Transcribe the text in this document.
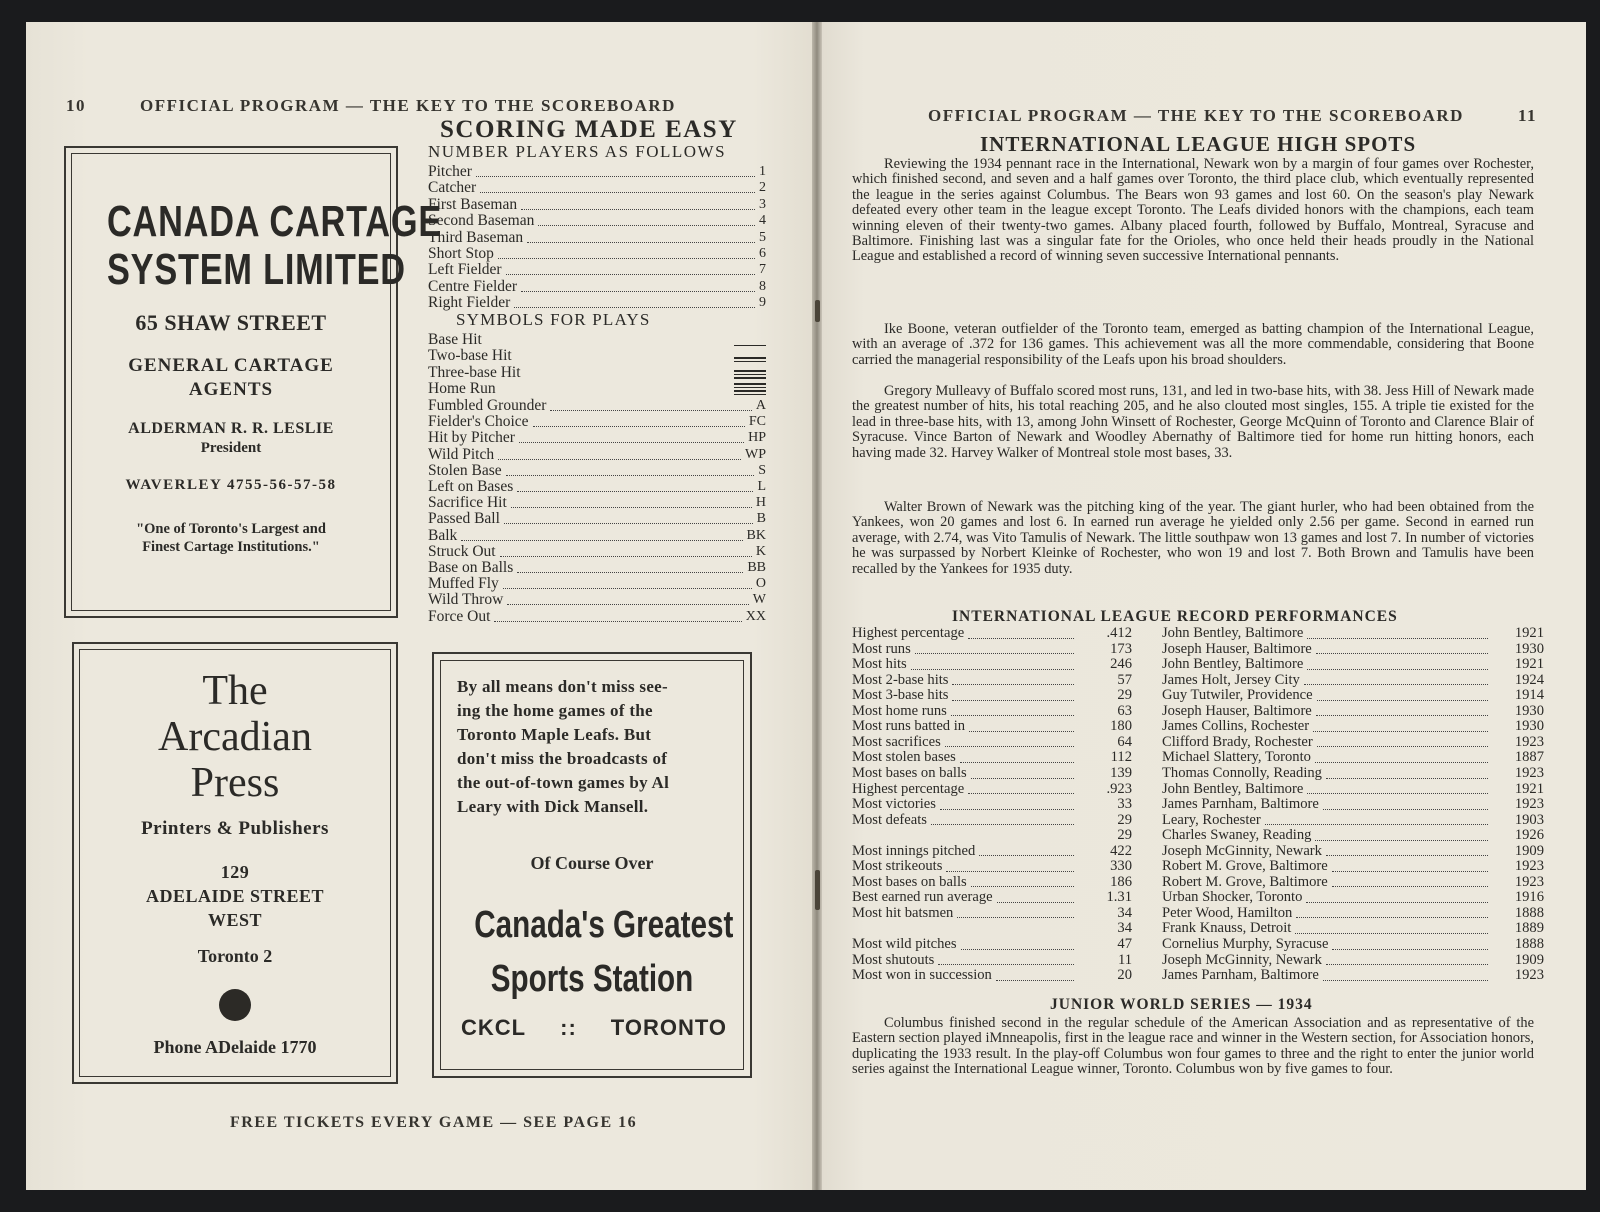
10	OFFICIAL PROGRAM — THE KEY TO THE SCOREBOARD
SCORING MADE EASY
NUMBER PLAYERS AS FOLLOWS
Pitcher	1
Catcher	2
First Baseman	3
Second Baseman	4
Third Baseman	5
Short Stop	6
Left Fielder	7
Centre Fielder	8
Right Fielder	9
SYMBOLS FOR PLAYS
Base Hit
Two-base Hit
Three-base Hit
Home Run
Fumbled Grounder	A
Fielder's Choice	FC
Hit by Pitcher	HP
Wild Pitch	WP
Stolen Base	S
Left on Bases	L
Sacrifice Hit	H
Passed Ball	B
Balk	BK
Struck Out	K
Base on Balls	BB
Muffed Fly	O
Wild Throw	W
Force Out	XX
CANADA CARTAGE
SYSTEM LIMITED
65 SHAW STREET
GENERAL CARTAGE
AGENTS
ALDERMAN R. R. LESLIE
President
WAVERLEY 4755-56-57-58
"One of Toronto's Largest and
Finest Cartage Institutions."
The
Arcadian
Press
Printers & Publishers
129
ADELAIDE STREET
WEST
Toronto 2
Phone ADelaide 1770
By all means don't miss see-
ing the home games of the
Toronto Maple Leafs. But
don't miss the broadcasts of
the out-of-town games by Al
Leary with Dick Mansell.
Of Course Over
Canada's Greatest
Sports Station
CKCL :: TORONTO
FREE TICKETS EVERY GAME — SEE PAGE 16
OFFICIAL PROGRAM — THE KEY TO THE SCOREBOARD	11
INTERNATIONAL LEAGUE HIGH SPOTS
Reviewing the 1934 pennant race in the International, Newark won by a margin of four games over Rochester, which finished second, and seven and a half games over Toronto, the third place club, which eventually represented the league in the series against Columbus. The Bears won 93 games and lost 60. On the season's play Newark defeated every other team in the league except Toronto. The Leafs divided honors with the champions, each team winning eleven of their twenty-two games. Albany placed fourth, followed by Buffalo, Montreal, Syracuse and Baltimore. Finishing last was a singular fate for the Orioles, who once held their heads proudly in the National League and established a record of winning seven successive International pennants.
Ike Boone, veteran outfielder of the Toronto team, emerged as batting champion of the International League, with an average of .372 for 136 games. This achievement was all the more commendable, considering that Boone carried the managerial responsibility of the Leafs upon his broad shoulders.
Gregory Mulleavy of Buffalo scored most runs, 131, and led in two-base hits, with 38. Jess Hill of Newark made the greatest number of hits, his total reaching 205, and he also clouted most singles, 155. A triple tie existed for the lead in three-base hits, with 13, among John Winsett of Rochester, George McQuinn of Toronto and Clarence Blair of Syracuse. Vince Barton of Newark and Woodley Abernathy of Baltimore tied for home run hitting honors, each having made 32. Harvey Walker of Montreal stole most bases, 33.
Walter Brown of Newark was the pitching king of the year. The giant hurler, who had been obtained from the Yankees, won 20 games and lost 6. In earned run average he yielded only 2.56 per game. Second in earned run average, with 2.74, was Vito Tamulis of Newark. The little southpaw won 13 games and lost 7. In number of victories he was surpassed by Norbert Kleinke of Rochester, who won 19 and lost 7. Both Brown and Tamulis have been recalled by the Yankees for 1935 duty.
INTERNATIONAL LEAGUE RECORD PERFORMANCES
Highest percentage	.412 John Bentley, Baltimore	1921
Most runs	173 Joseph Hauser, Baltimore	1930
Most hits	246 John Bentley, Baltimore	1921
Most 2-base hits	57 James Holt, Jersey City	1924
Most 3-base hits	29 Guy Tutwiler, Providence	1914
Most home runs	63 Joseph Hauser, Baltimore	1930
Most runs batted in	180 James Collins, Rochester	1930
Most sacrifices	64 Clifford Brady, Rochester	1923
Most stolen bases	112 Michael Slattery, Toronto	1887
Most bases on balls	139 Thomas Connolly, Reading	1923
Highest percentage	.923 John Bentley, Baltimore	1921
Most victories	33 James Parnham, Baltimore	1923
Most defeats	29 Leary, Rochester	1903
29 Charles Swaney, Reading	1926
Most innings pitched	422 Joseph McGinnity, Newark	1909
Most strikeouts	330 Robert M. Grove, Baltimore	1923
Most bases on balls	186 Robert M. Grove, Baltimore	1923
Best earned run average	1.31 Urban Shocker, Toronto	1916
Most hit batsmen	34 Peter Wood, Hamilton	1888
34 Frank Knauss, Detroit	1889
Most wild pitches	47 Cornelius Murphy, Syracuse	1888
Most shutouts	11 Joseph McGinnity, Newark	1909
Most won in succession	20 James Parnham, Baltimore	1923
JUNIOR WORLD SERIES — 1934
Columbus finished second in the regular schedule of the American Association and as representative of the Eastern section played iMnneapolis, first in the league race and winner in the Western section, for Association honors, duplicating the 1933 result. In the play-off Columbus won four games to three and the right to enter the junior world series against the International League winner, Toronto. Columbus won by five games to four.
